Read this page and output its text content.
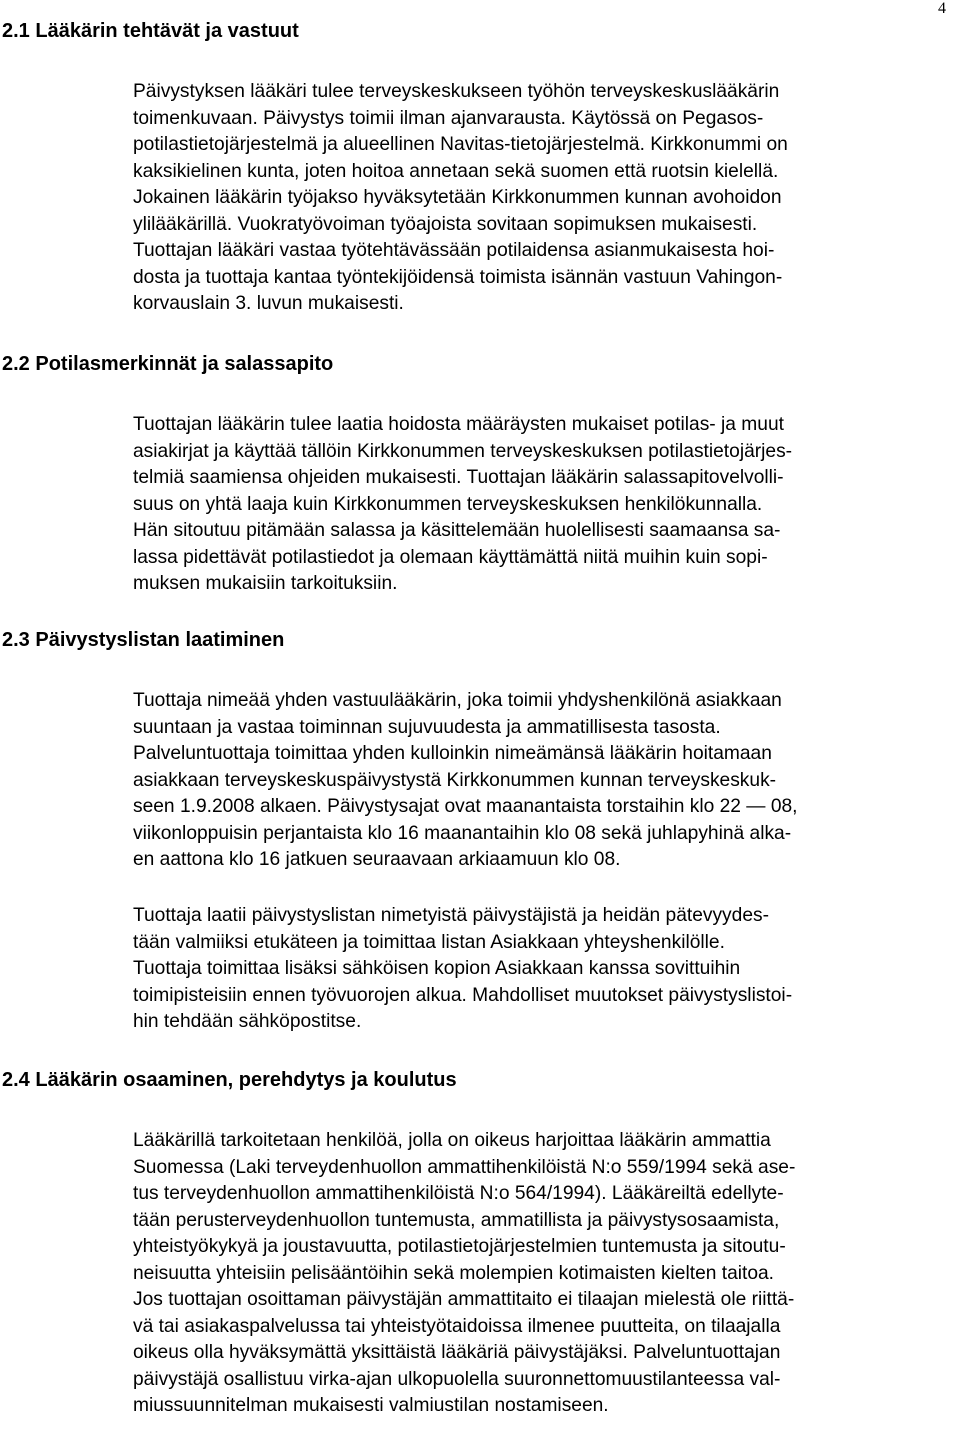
4
2.1 Lääkärin tehtävät ja vastuut
Päivystyksen lääkäri tulee terveyskeskukseen työhön terveyskeskuslääkärin
toimenkuvaan. Päivystys toimii ilman ajanvarausta. Käytössä on Pegasos-
potilastietojärjestelmä ja alueellinen Navitas-tietojärjestelmä. Kirkkonummi on
kaksikielinen kunta, joten hoitoa annetaan sekä suomen että ruotsin kielellä.
Jokainen lääkärin työjakso hyväksytetään Kirkkonummen kunnan avohoidon
ylilääkärillä. Vuokratyövoiman työajoista sovitaan sopimuksen mukaisesti.
Tuottajan lääkäri vastaa työtehtävässään potilaidensa asianmukaisesta hoi-
dosta ja tuottaja kantaa työntekijöidensä toimista isännän vastuun Vahingon-
korvauslain 3. luvun mukaisesti.
2.2 Potilasmerkinnät ja salassapito
Tuottajan lääkärin tulee laatia hoidosta määräysten mukaiset potilas- ja muut
asiakirjat ja käyttää tällöin Kirkkonummen terveyskeskuksen potilastietojärjes-
telmiä saamiensa ohjeiden mukaisesti. Tuottajan lääkärin salassapitovelvolli-
suus on yhtä laaja kuin Kirkkonummen terveyskeskuksen henkilökunnalla.
Hän sitoutuu pitämään salassa ja käsittelemään huolellisesti saamaansa sa-
lassa pidettävät potilastiedot ja olemaan käyttämättä niitä muihin kuin sopi-
muksen mukaisiin tarkoituksiin.
2.3 Päivystyslistan laatiminen
Tuottaja nimeää yhden vastuulääkärin, joka toimii yhdyshenkilönä asiakkaan
suuntaan ja vastaa toiminnan sujuvuudesta ja ammatillisesta tasosta.
Palveluntuottaja toimittaa yhden kulloinkin nimeämänsä lääkärin hoitamaan
asiakkaan terveyskeskuspäivystystä Kirkkonummen kunnan terveyskeskuk-
seen 1.9.2008 alkaen. Päivystysajat ovat maanantaista torstaihin klo 22 — 08,
viikonloppuisin perjantaista klo 16 maanantaihin klo 08 sekä juhlapyhinä alka-
en aattona klo 16 jatkuen seuraavaan arkiaamuun klo 08.
Tuottaja laatii päivystyslistan nimetyistä päivystäjistä ja heidän pätevyydes-
tään valmiiksi etukäteen ja toimittaa listan Asiakkaan yhteyshenkilölle.
Tuottaja toimittaa lisäksi sähköisen kopion Asiakkaan kanssa sovittuihin
toimipisteisiin ennen työvuorojen alkua. Mahdolliset muutokset päivystyslistoi-
hin tehdään sähköpostitse.
2.4 Lääkärin osaaminen, perehdytys ja koulutus
Lääkärillä tarkoitetaan henkilöä, jolla on oikeus harjoittaa lääkärin ammattia
Suomessa (Laki terveydenhuollon ammattihenkilöistä N:o 559/1994 sekä ase-
tus terveydenhuollon ammattihenkilöistä N:o 564/1994). Lääkäreiltä edellyte-
tään perusterveydenhuollon tuntemusta, ammatillista ja päivystysosaamista,
yhteistyökykyä ja joustavuutta, potilastietojärjestelmien tuntemusta ja sitoutu-
neisuutta yhteisiin pelisääntöihin sekä molempien kotimaisten kielten taitoa.
Jos tuottajan osoittaman päivystäjän ammattitaito ei tilaajan mielestä ole riittä-
vä tai asiakaspalvelussa tai yhteistyötaidoissa ilmenee puutteita, on tilaajalla
oikeus olla hyväksymättä yksittäistä lääkäriä päivystäjäksi. Palveluntuottajan
päivystäjä osallistuu virka-ajan ulkopuolella suuronnettomuustilanteessa val-
miussuunnitelman mukaisesti valmiustilan nostamiseen.
